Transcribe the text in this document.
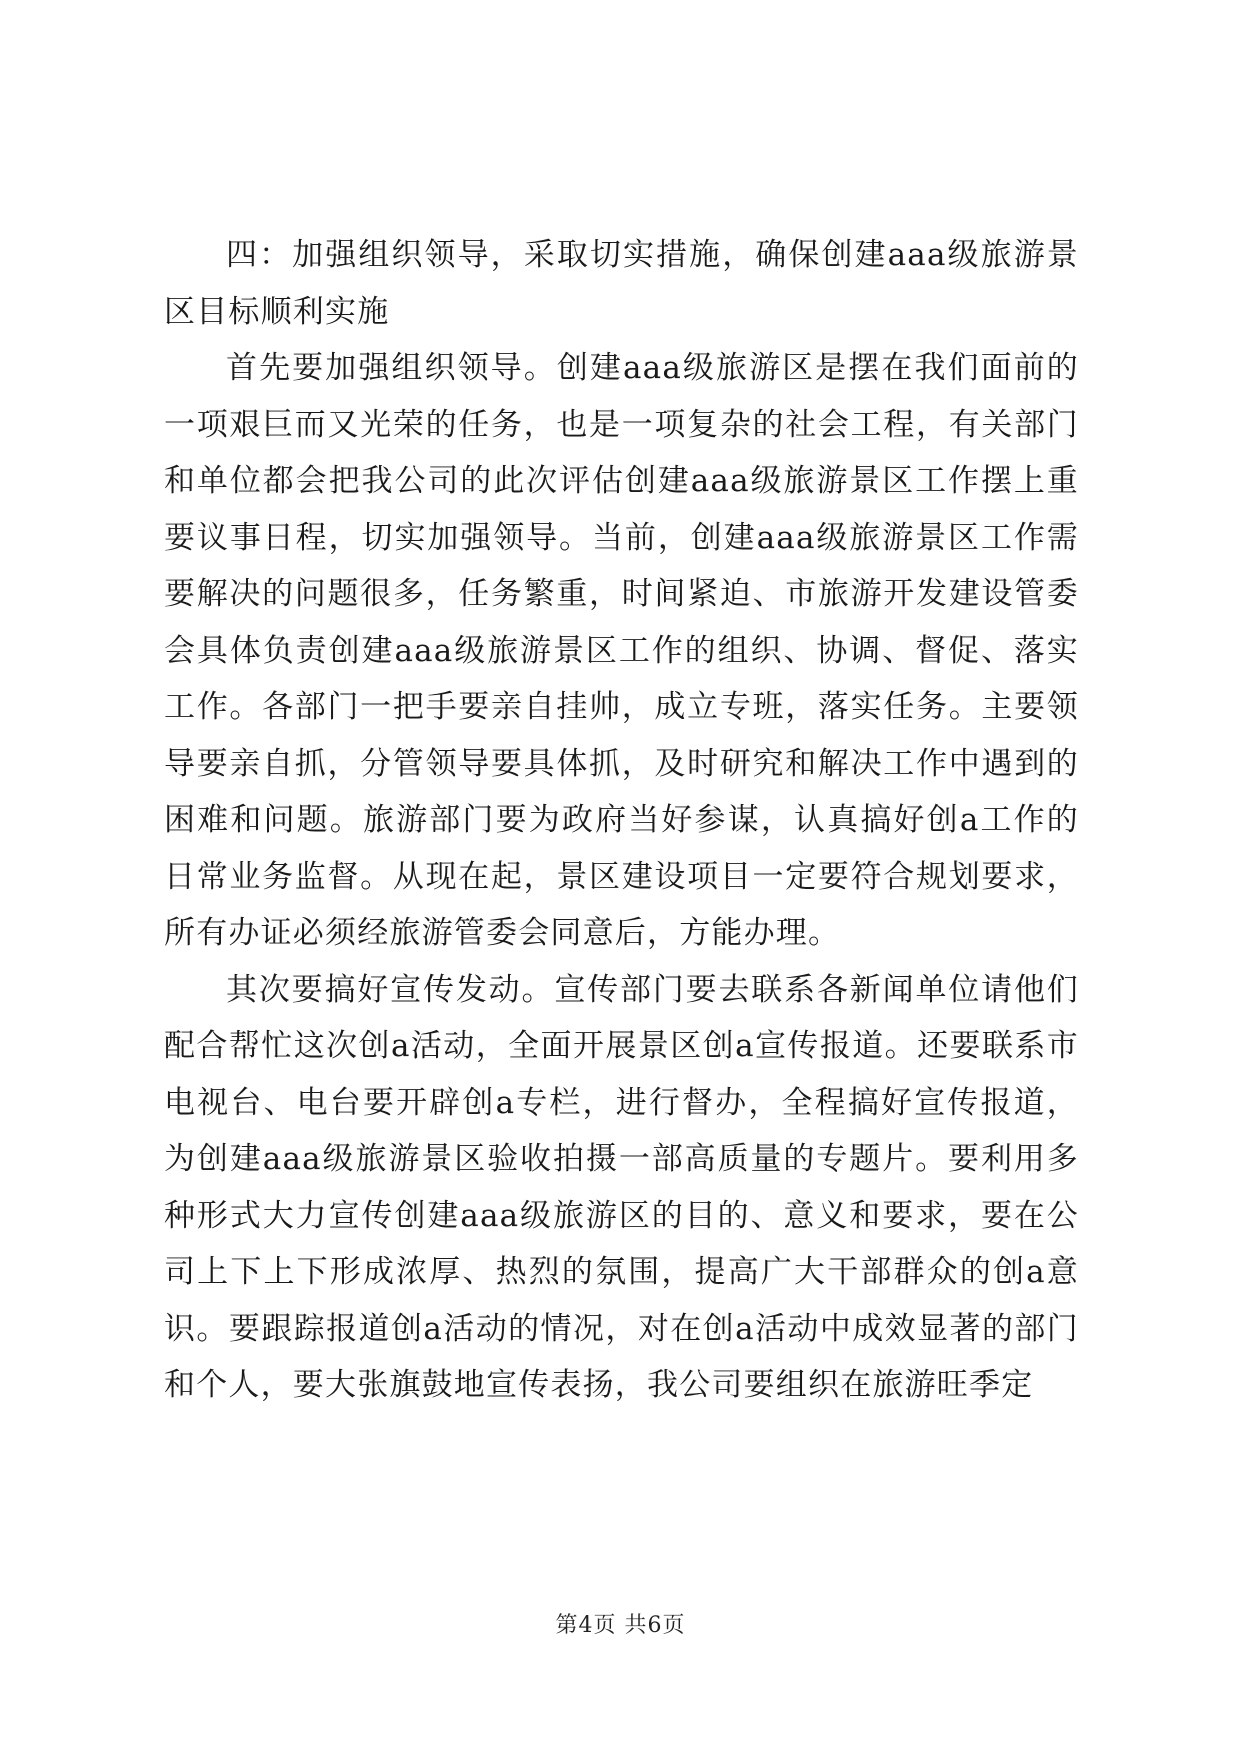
四：加强组织领导，采取切实措施，确保创建aaa级旅游景区目标顺利实施

首先要加强组织领导。创建aaa级旅游区是摆在我们面前的一项艰巨而又光荣的任务，也是一项复杂的社会工程，有关部门和单位都会把我公司的此次评估创建aaa级旅游景区工作摆上重要议事日程，切实加强领导。当前，创建aaa级旅游景区工作需要解决的问题很多，任务繁重，时间紧迫、市旅游开发建设管委会具体负责创建aaa级旅游景区工作的组织、协调、督促、落实工作。各部门一把手要亲自挂帅，成立专班，落实任务。主要领导要亲自抓，分管领导要具体抓，及时研究和解决工作中遇到的困难和问题。旅游部门要为政府当好参谋，认真搞好创a工作的日常业务监督。从现在起，景区建设项目一定要符合规划要求，所有办证必须经旅游管委会同意后，方能办理。

其次要搞好宣传发动。宣传部门要去联系各新闻单位请他们配合帮忙这次创a活动，全面开展景区创a宣传报道。还要联系市电视台、电台要开辟创a专栏，进行督办，全程搞好宣传报道，为创建aaa级旅游景区验收拍摄一部高质量的专题片。要利用多种形式大力宣传创建aaa级旅游区的目的、意义和要求，要在公司上下上下形成浓厚、热烈的氛围，提高广大干部群众的创a意识。要跟踪报道创a活动的情况，对在创a活动中成效显著的部门和个人，要大张旗鼓地宣传表扬，我公司要组织在旅游旺季定

第4页 共6页
